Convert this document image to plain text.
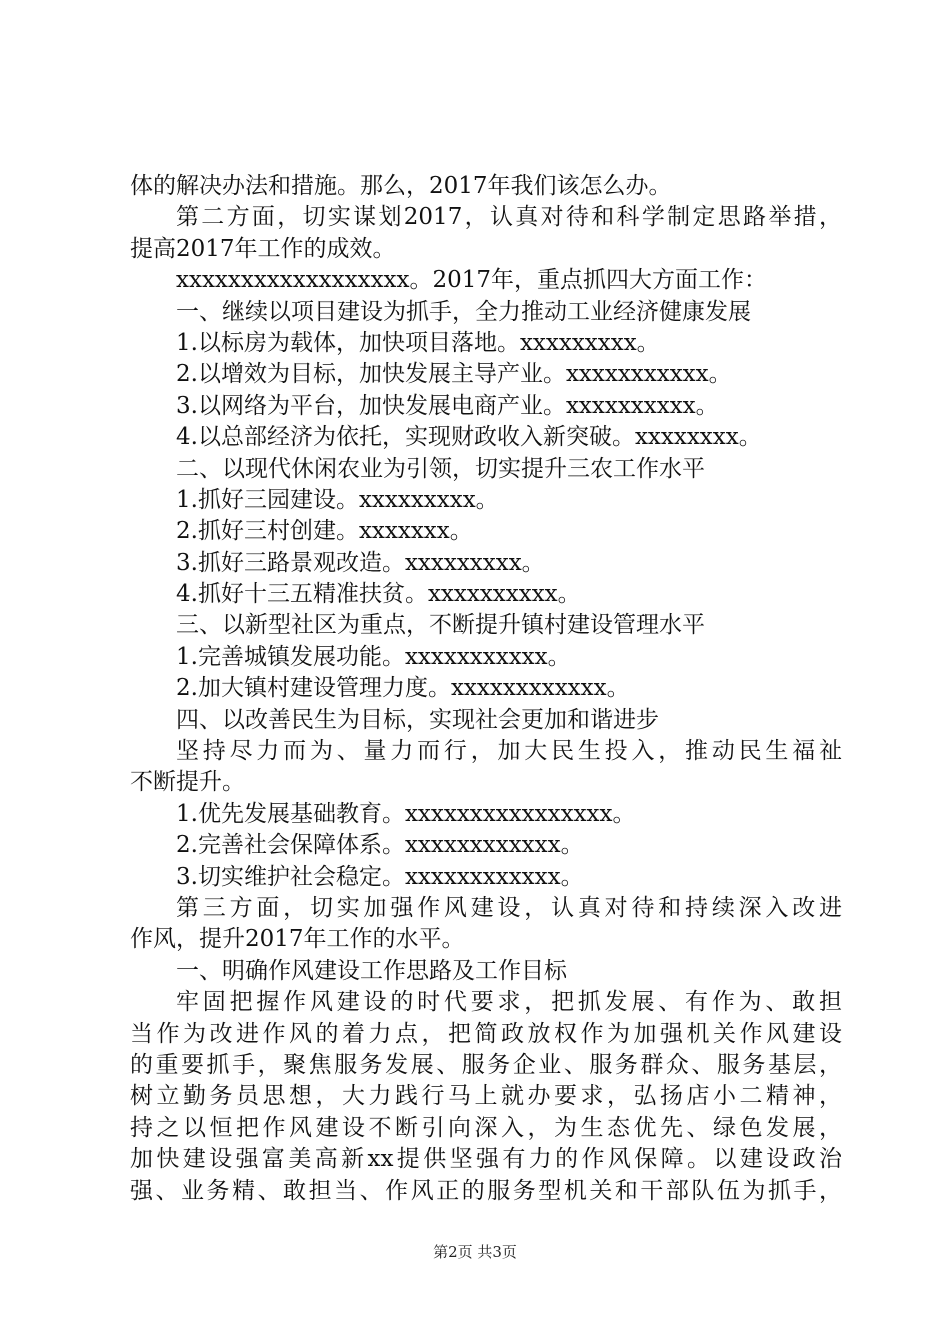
体的解决办法和措施。那么，2017年我们该怎么办。
第二方面，切实谋划2017，认真对待和科学制定思路举措，
提高2017年工作的成效。
xxxxxxxxxxxxxxxxxx。2017年，重点抓四大方面工作：
一、继续以项目建设为抓手，全力推动工业经济健康发展
1.以标房为载体，加快项目落地。xxxxxxxxx。
2.以增效为目标，加快发展主导产业。xxxxxxxxxxx。
3.以网络为平台，加快发展电商产业。xxxxxxxxxx。
4.以总部经济为依托，实现财政收入新突破。xxxxxxxx。
二、以现代休闲农业为引领，切实提升三农工作水平
1.抓好三园建设。xxxxxxxxx。
2.抓好三村创建。xxxxxxx。
3.抓好三路景观改造。xxxxxxxxx。
4.抓好十三五精准扶贫。xxxxxxxxxx。
三、以新型社区为重点，不断提升镇村建设管理水平
1.完善城镇发展功能。xxxxxxxxxxx。
2.加大镇村建设管理力度。xxxxxxxxxxxx。
四、以改善民生为目标，实现社会更加和谐进步
坚持尽力而为、量力而行，加大民生投入，推动民生福祉
不断提升。
1.优先发展基础教育。xxxxxxxxxxxxxxxx。
2.完善社会保障体系。xxxxxxxxxxxx。
3.切实维护社会稳定。xxxxxxxxxxxx。
第三方面，切实加强作风建设，认真对待和持续深入改进
作风，提升2017年工作的水平。
一、明确作风建设工作思路及工作目标
牢固把握作风建设的时代要求，把抓发展、有作为、敢担
当作为改进作风的着力点，把简政放权作为加强机关作风建设
的重要抓手，聚焦服务发展、服务企业、服务群众、服务基层，
树立勤务员思想，大力践行马上就办要求，弘扬店小二精神，
持之以恒把作风建设不断引向深入，为生态优先、绿色发展，
加快建设强富美高新xx提供坚强有力的作风保障。以建设政治
强、业务精、敢担当、作风正的服务型机关和干部队伍为抓手，
第2页 共3页
